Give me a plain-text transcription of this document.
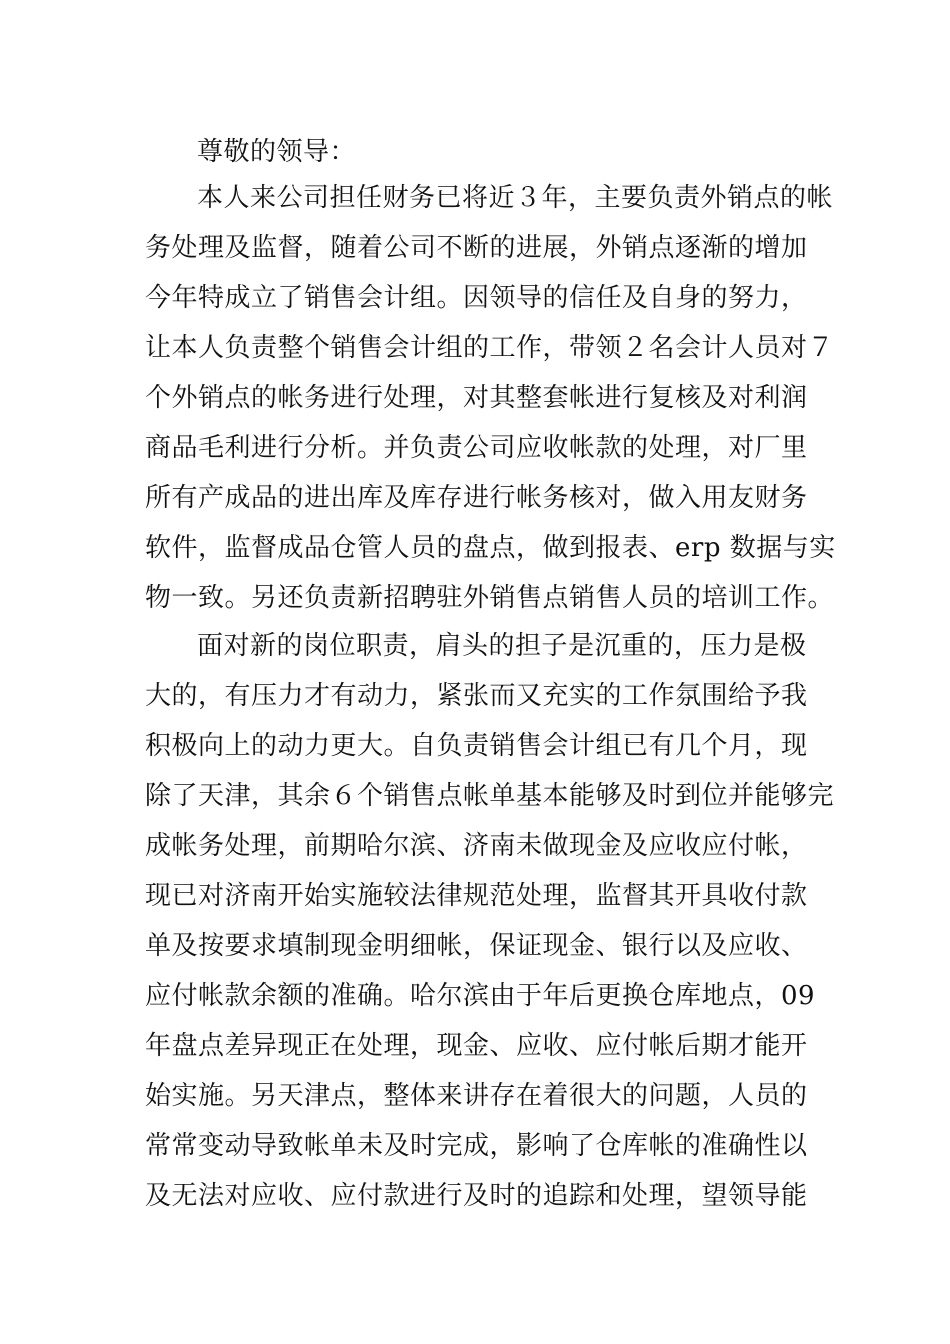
尊敬的领导：
本人来公司担任财务已将近３年，主要负责外销点的帐
务处理及监督，随着公司不断的进展，外销点逐渐的增加
今年特成立了销售会计组。因领导的信任及自身的努力，
让本人负责整个销售会计组的工作，带领２名会计人员对７
个外销点的帐务进行处理，对其整套帐进行复核及对利润
商品毛利进行分析。并负责公司应收帐款的处理，对厂里
所有产成品的进出库及库存进行帐务核对，做入用友财务
软件，监督成品仓管人员的盘点，做到报表、erp 数据与实
物一致。另还负责新招聘驻外销售点销售人员的培训工作。
面对新的岗位职责，肩头的担子是沉重的，压力是极
大的，有压力才有动力，紧张而又充实的工作氛围给予我
积极向上的动力更大。自负责销售会计组已有几个月，现
除了天津，其余６个销售点帐单基本能够及时到位并能够完
成帐务处理，前期哈尔滨、济南未做现金及应收应付帐，
现已对济南开始实施较法律规范处理，监督其开具收付款
单及按要求填制现金明细帐，保证现金、银行以及应收、
应付帐款余额的准确。哈尔滨由于年后更换仓库地点，09
年盘点差异现正在处理，现金、应收、应付帐后期才能开
始实施。另天津点，整体来讲存在着很大的问题，人员的
常常变动导致帐单未及时完成，影响了仓库帐的准确性以
及无法对应收、应付款进行及时的追踪和处理，望领导能
